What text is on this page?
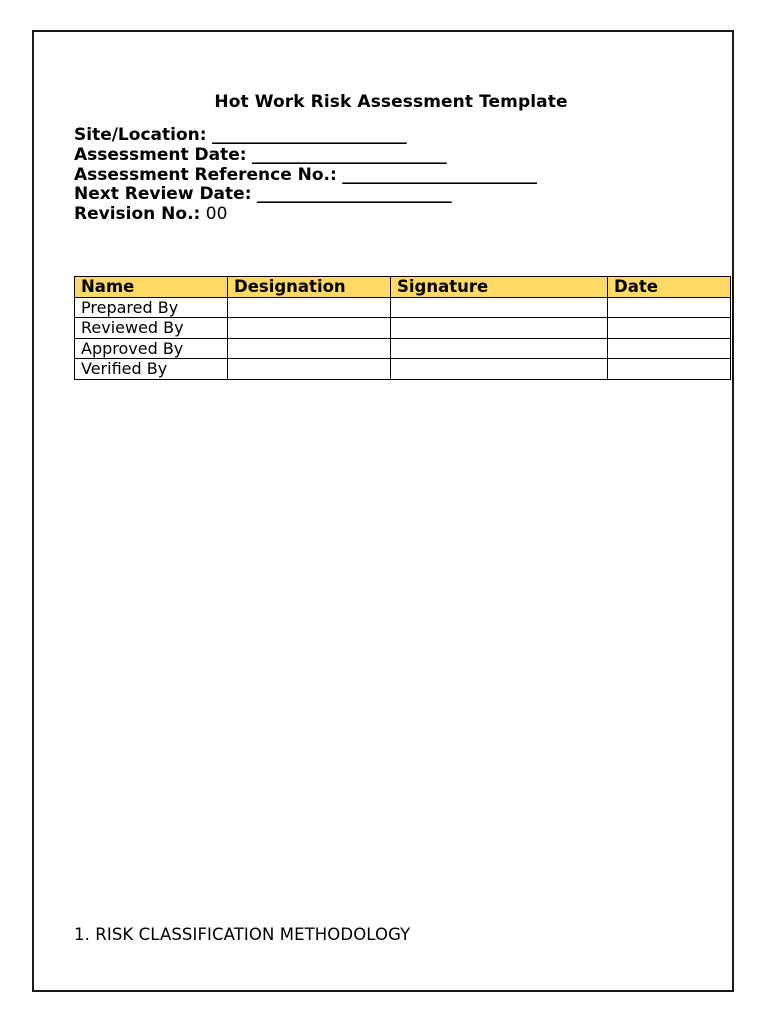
Hot Work Risk Assessment Template
Site/Location: ________________________
Assessment Date: ________________________
Assessment Reference No.: ________________________
Next Review Date: ________________________
Revision No.: 00
Name	Designation	Signature	Date
Prepared By			
Reviewed By			
Approved By			
Verified By			
1. RISK CLASSIFICATION METHODOLOGY
